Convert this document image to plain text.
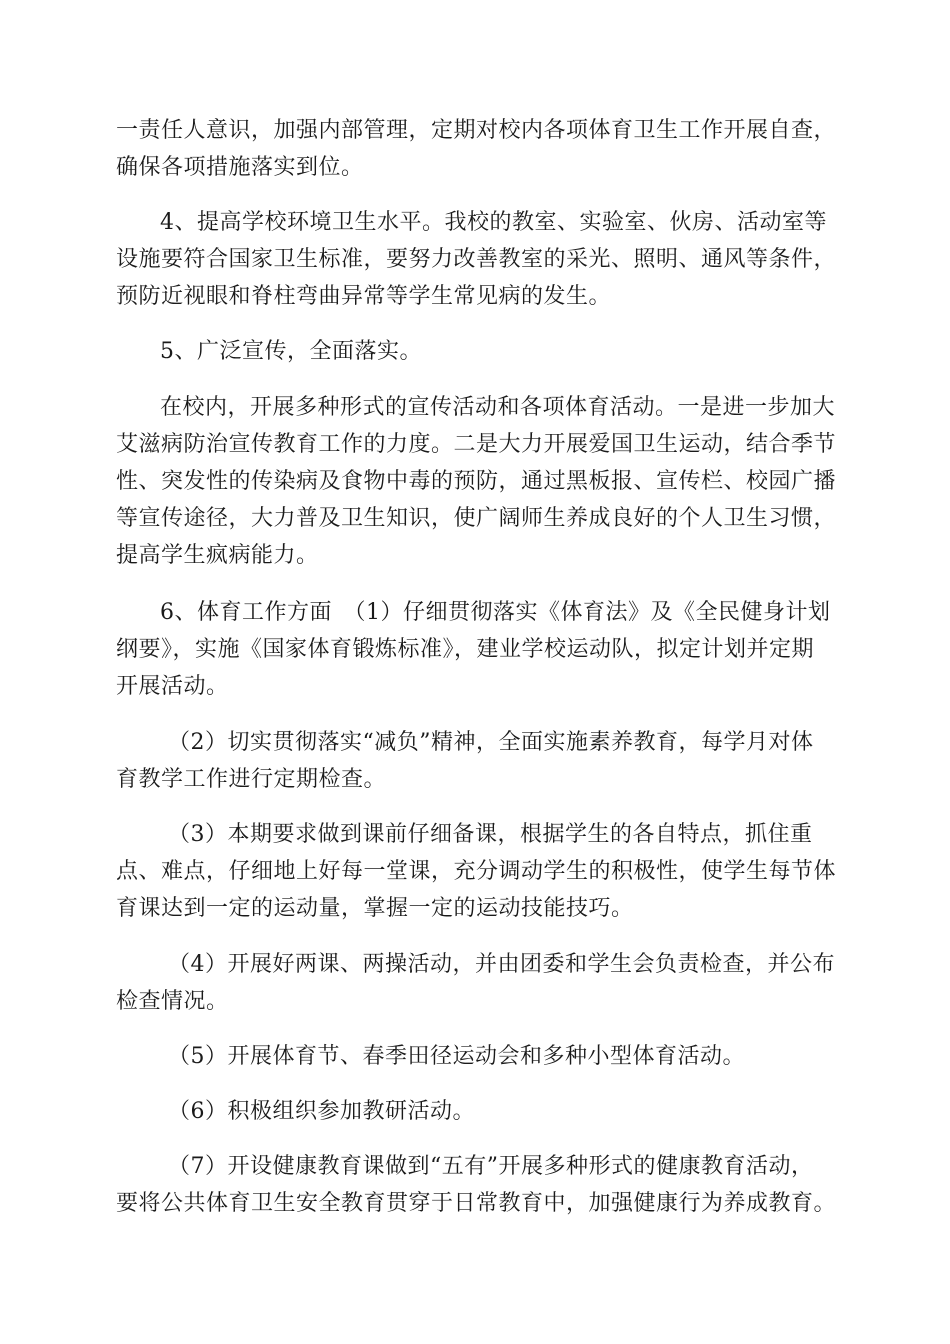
一责任人意识，加强内部管理，定期对校内各项体育卫生工作开展自查，
确保各项措施落实到位。

4、提高学校环境卫生水平。我校的教室、实验室、伙房、活动室等
设施要符合国家卫生标准，要努力改善教室的采光、照明、通风等条件，
预防近视眼和脊柱弯曲异常等学生常见病的发生。

5、广泛宣传，全面落实。

在校内，开展多种形式的宣传活动和各项体育活动。一是进一步加大
艾滋病防治宣传教育工作的力度。二是大力开展爱国卫生运动，结合季节
性、突发性的传染病及食物中毒的预防，通过黑板报、宣传栏、校园广播
等宣传途径，大力普及卫生知识，使广阔师生养成良好的个人卫生习惯，
提高学生疯病能力。

6、体育工作方面　（1）仔细贯彻落实《体育法》及《全民健身计划
纲要》，实施《国家体育锻炼标准》，建业学校运动队，拟定计划并定期
开展活动。

（2）切实贯彻落实“减负”精神，全面实施素养教育，每学月对体
育教学工作进行定期检查。

（3）本期要求做到课前仔细备课，根据学生的各自特点，抓住重
点、难点，仔细地上好每一堂课，充分调动学生的积极性，使学生每节体
育课达到一定的运动量，掌握一定的运动技能技巧。

（4）开展好两课、两操活动，并由团委和学生会负责检查，并公布
检查情况。

（5）开展体育节、春季田径运动会和多种小型体育活动。

（6）积极组织参加教研活动。

（7）开设健康教育课做到“五有”开展多种形式的健康教育活动，
要将公共体育卫生安全教育贯穿于日常教育中，加强健康行为养成教育。
